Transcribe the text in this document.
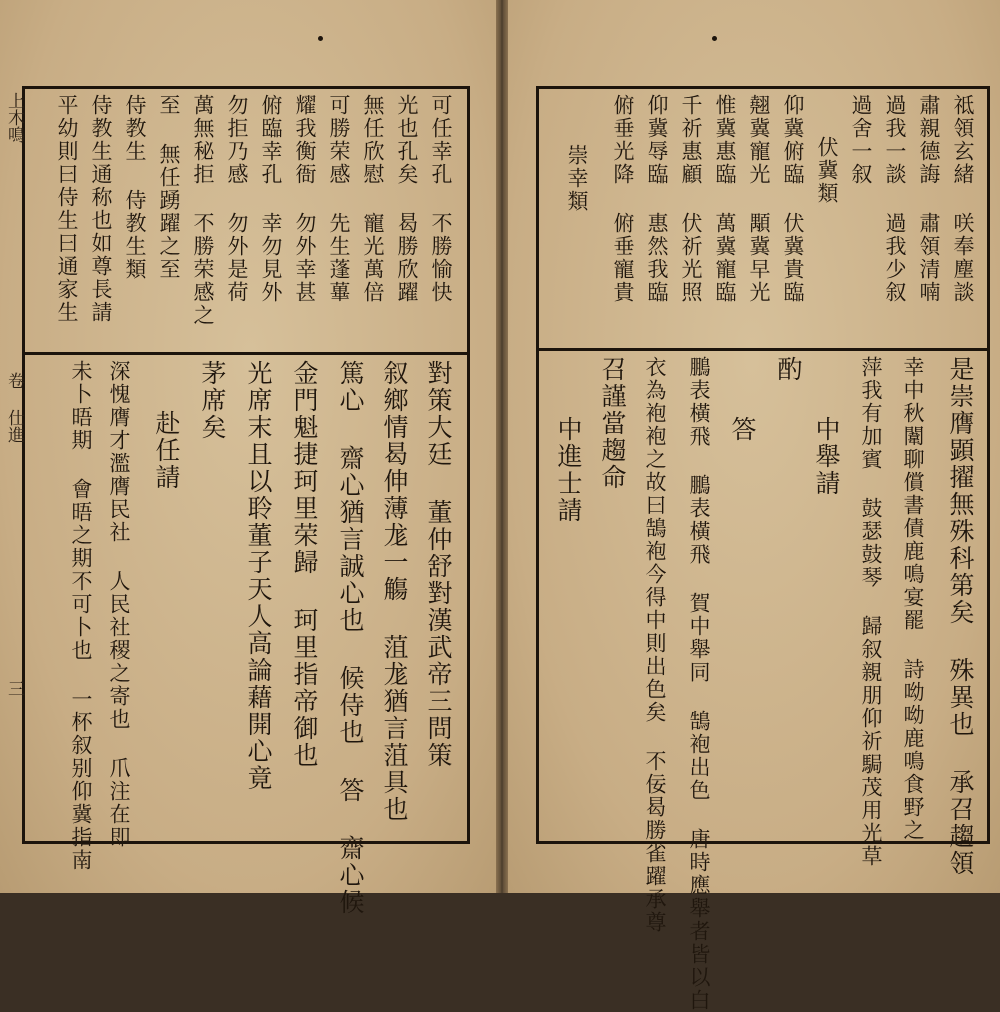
上木鳴
卷 仕進
三
可任幸孔 不勝愉快
光也孔矣 曷勝欣躍
無任欣慰 寵光萬倍
可勝荣感 先生蓬蓽
耀我衡衙 勿外幸甚
俯臨幸孔 幸勿見外
勿拒乃感 勿外是荷
萬無秘拒 不勝荣感之
至 無任踴躍之至
侍教生 侍教生類
侍教生通称也如尊長請
平幼則曰侍生曰通家生
對策大廷 董仲舒對漢武帝三問策
叙鄉情曷伸薄尨一觴 菹尨猶言菹具也
篤心 齋心猶言誠心也 候侍也 答 齋心候
金門魁捷珂里荣歸 珂里指帝御也
光席末且以聆董子天人高論藉開心竟
茅席矣
赴任請
深愧膺才濫膺民社 人民社稷之寄也 爪注在即
未卜晤期 會晤之期不可卜也 一杯叙别仰冀指南
祗領玄緒 咲奉塵談
肅親德誨 肅領清喃
過我一談 過我少叙
過舍一叙
伏冀類
仰冀俯臨 伏冀貴臨
翹冀寵光 顒冀早光
惟冀惠臨 萬冀寵臨
千祈惠顧 伏祈光照
仰冀辱臨 惠然我臨
俯垂光降 俯垂寵貴
崇幸類
是崇膺顕擢無殊科第矣 殊異也 承召趨領
幸中秋闈聊償書債鹿鳴宴罷 詩呦呦鹿鳴食野之
萍我有加賓 鼓瑟鼓琴 歸叙親朋仰祈駶茂用光草
酌
中舉請
答
鵬表橫飛 鵬表橫飛 賀中舉同 鵠袍出色 唐時應舉者皆以白
衣為袍袍之故曰鵠袍今得中則出色矣 不佞曷勝雀躍承尊
召謹當趨命
中進士請
